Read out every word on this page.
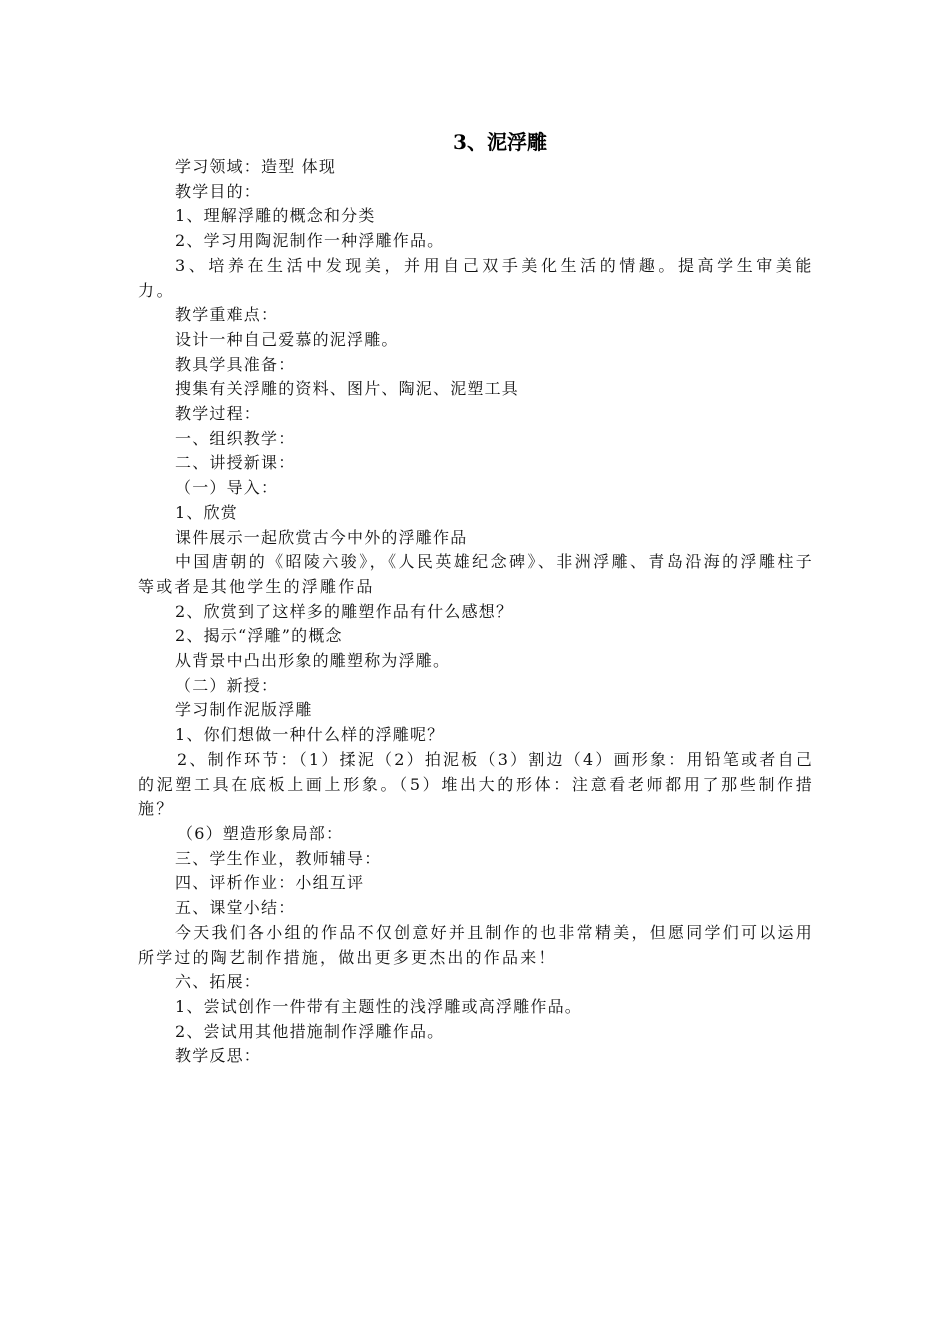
3、泥浮雕

学习领域：造型 体现

教学目的：

1、理解浮雕的概念和分类

2、学习用陶泥制作一种浮雕作品。

3、培养在生活中发现美，并用自己双手美化生活的情趣。提高学生审美能力。

教学重难点：

设计一种自己爱慕的泥浮雕。

教具学具准备：

搜集有关浮雕的资料、图片、陶泥、泥塑工具

教学过程：

一、组织教学：

二、讲授新课：

（一）导入：

1、欣赏

课件展示一起欣赏古今中外的浮雕作品

中国唐朝的《昭陵六骏》，《人民英雄纪念碑》、非洲浮雕、青岛沿海的浮雕柱子等或者是其他学生的浮雕作品

2、欣赏到了这样多的雕塑作品有什么感想？

2、揭示“浮雕”的概念

从背景中凸出形象的雕塑称为浮雕。

（二）新授：

学习制作泥版浮雕

1、你们想做一种什么样的浮雕呢？

2、制作环节：（1）揉泥（2）拍泥板（3）割边（4）画形象：用铅笔或者自己的泥塑工具在底板上画上形象。（5）堆出大的形体：注意看老师都用了那些制作措施？

（6）塑造形象局部：

三、学生作业，教师辅导：

四、评析作业：小组互评

五、课堂小结：

今天我们各小组的作品不仅创意好并且制作的也非常精美，但愿同学们可以运用所学过的陶艺制作措施，做出更多更杰出的作品来！

六、拓展：

1、尝试创作一件带有主题性的浅浮雕或高浮雕作品。

2、尝试用其他措施制作浮雕作品。

教学反思：
